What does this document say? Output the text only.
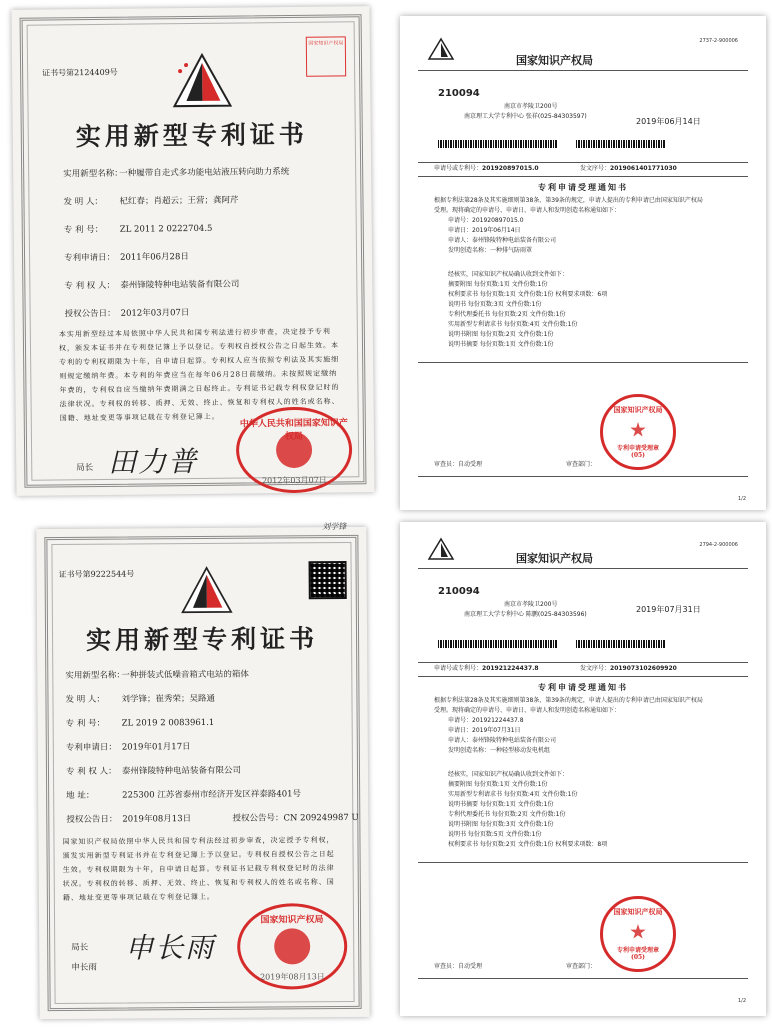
证书号第2124409号
国家知识产权局
实用新型专利证书
实用新型名称：一种履带自走式多功能电站液压转向助力系统
发 明 人： 杞红春；肖超云；王营；龚阿芹
专 利 号： ZL 2011 2 0222704.5
专利申请日： 2011年06月28日
专 利 权 人： 泰州锋陵特种电站装备有限公司
授权公告日： 2012年03月07日
本实用新型经过本局依照中华人民共和国专利法进行初步审查，决定授予专利权，颁发本证书并在专利登记簿上予以登记。专利权自授权公告之日起生效。本专利的专利权期限为十年，自申请日起算。专利权人应当依照专利法及其实施细则规定缴纳年费。本专利的年费应当在每年06月28日前缴纳。未按照规定缴纳年费的，专利权自应当缴纳年费期满之日起终止。专利证书记载专利权登记时的法律状况。专利权的转移、质押、无效、终止、恢复和专利权人的姓名或名称、国籍、地址变更等事项记载在专利登记簿上。
局长 田力普
中华人民共和国国家知识产权局
2012年03月07日
2737-2-900006
国家知识产权局
210094
南京市孝陵卫200号
南京理工大学专利中心 张祥(025-84303597)
2019年06月14日
申请号或专利号：201920897015.0	发文序号：2019061401771030
专利申请受理通知书
根据专利法第28条及其实施细则第38条、第39条的规定，申请人提出的专利申请已由国家知识产权局
受理。现将确定的申请号、申请日、申请人和发明创造名称通知如下：
申请号：201920897015.0
申请日：2019年06月14日
申请人：泰州锋陵特种电站装备有限公司
发明创造名称：一种排气防雨罩
经核实，国家知识产权局确认收到文件如下：
摘要附图 每份页数:1页 文件份数:1份
权利要求书 每份页数:1页 文件份数:1份 权利要求项数：6项
说明书 每份页数:3页 文件份数:1份
专利代理委托书 每份页数:2页 文件份数:1份
实用新型专利请求书 每份页数:4页 文件份数:1份
说明书附图 每份页数:2页 文件份数:1份
说明书摘要 每份页数:1页 文件份数:1份
国家知识产权局
专利申请受理章
(05)
审查员：自动受理	审查部门：
1/2
刘学锋
证书号第9222544号
实用新型专利证书
实用新型名称：一种拼装式低噪音箱式电站的箱体
发 明 人： 刘学锋；崔秀荣；吴路通
专 利 号： ZL 2019 2 0083961.1
专利申请日： 2019年01月17日
专 利 权 人： 泰州锋陵特种电站装备有限公司
地 址：	225300 江苏省泰州市经济开发区祥泰路401号
授权公告日： 2019年08月13日	授权公告号：CN 209249987 U
国家知识产权局依照中华人民共和国专利法经过初步审查，决定授予专利权，颁发实用新型专利证书并在专利登记簿上予以登记。专利权自授权公告之日起生效。专利权期限为十年，自申请日起算。专利证书记载专利权登记时的法律状况。专利权的转移、质押、无效、终止、恢复和专利权人的姓名或名称、国籍、地址变更等事项记载在专利登记簿上。
局长
申长雨
申长雨
国家知识产权局
2019年08月13日
2794-2-900006
国家知识产权局
210094
南京市孝陵卫200号
南京理工大学专利中心 陈鹏(025-84303596)
2019年07月31日
申请号或专利号：201921224437.8	发文序号：2019073102609920
专利申请受理通知书
根据专利法第28条及其实施细则第38条、第39条的规定，申请人提出的专利申请已由国家知识产权局
受理。现将确定的申请号、申请日、申请人和发明创造名称通知如下：
申请号：201921224437.8
申请日：2019年07月31日
申请人：泰州锋陵特种电站装备有限公司
发明创造名称：一种轻型移动发电机组
经核实，国家知识产权局确认收到文件如下：
摘要附图 每份页数:1页 文件份数:1份
实用新型专利请求书 每份页数:4页 文件份数:1份
说明书摘要 每份页数:1页 文件份数:1份
专利代理委托书 每份页数:2页 文件份数:1份
说明书附图 每份页数:3页 文件份数:1份
说明书 每份页数:5页 文件份数:1份
权利要求书 每份页数:2页 文件份数:1份 权利要求项数：8项
国家知识产权局
专利申请受理章
(05)
审查员：自动受理	审查部门：
1/2
